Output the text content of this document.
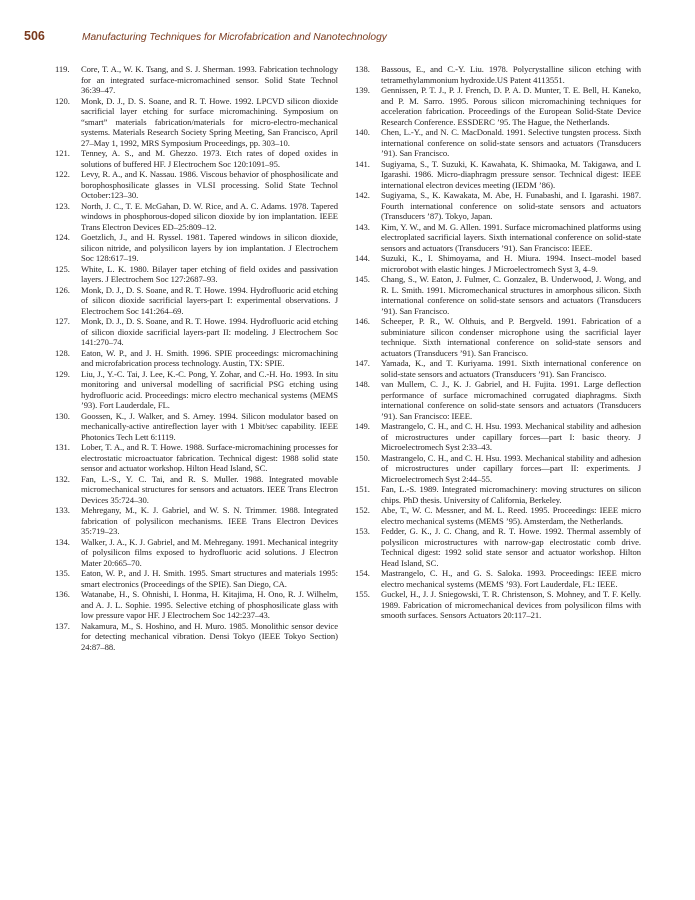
506	Manufacturing Techniques for Microfabrication and Nanotechnology
119. Core, T. A., W. K. Tsang, and S. J. Sherman. 1993. Fabrication technology for an integrated surface-micromachined sensor. Solid State Technol 36:39–47.
120. Monk, D. J., D. S. Soane, and R. T. Howe. 1992. LPCVD silicon dioxide sacrificial layer etching for surface micromachining. Symposium on “smart” materials fabrication/materials for micro-electro-mechanical systems. Materials Research Society Spring Meeting, San Francisco, April 27–May 1, 1992, MRS Symposium Proceedings, pp. 303–10.
121. Tenney, A. S., and M. Ghezzo. 1973. Etch rates of doped oxides in solutions of buffered HF. J Electrochem Soc 120:1091–95.
122. Levy, R. A., and K. Nassau. 1986. Viscous behavior of phosphosilicate and borophosphosilicate glasses in VLSI processing. Solid State Technol October:123–30.
123. North, J. C., T. E. McGahan, D. W. Rice, and A. C. Adams. 1978. Tapered windows in phosphorous-doped silicon dioxide by ion implantation. IEEE Trans Electron Devices ED–25:809–12.
124. Goetzlich, J., and H. Ryssel. 1981. Tapered windows in silicon dioxide, silicon nitride, and polysilicon layers by ion implantation. J Electrochem Soc 128:617–19.
125. White, L. K. 1980. Bilayer taper etching of field oxides and passivation layers. J Electrochem Soc 127:2687–93.
126. Monk, D. J., D. S. Soane, and R. T. Howe. 1994. Hydrofluoric acid etching of silicon dioxide sacrificial layers-part I: experimental observations. J Electrochem Soc 141:264–69.
127. Monk, D. J., D. S. Soane, and R. T. Howe. 1994. Hydrofluoric acid etching of silicon dioxide sacrificial layers-part II: modeling. J Electrochem Soc 141:270–74.
128. Eaton, W. P., and J. H. Smith. 1996. SPIE proceedings: micromachining and microfabrication process technology. Austin, TX: SPIE.
129. Liu, J., Y.-C. Tai, J. Lee, K.-C. Pong, Y. Zohar, and C.-H. Ho. 1993. In situ monitoring and universal modelling of sacrificial PSG etching using hydrofluoric acid. Proceedings: micro electro mechanical systems (MEMS ’93). Fort Lauderdale, FL.
130. Goossen, K., J. Walker, and S. Arney. 1994. Silicon modulator based on mechanically-active antireflection layer with 1 Mbit/sec capability. IEEE Photonics Tech Lett 6:1119.
131. Lober, T. A., and R. T. Howe. 1988. Surface-micromachining processes for electrostatic microactuator fabrication. Technical digest: 1988 solid state sensor and actuator workshop. Hilton Head Island, SC.
132. Fan, L.-S., Y. C. Tai, and R. S. Muller. 1988. Integrated movable micromechanical structures for sensors and actuators. IEEE Trans Electron Devices 35:724–30.
133. Mehregany, M., K. J. Gabriel, and W. S. N. Trimmer. 1988. Integrated fabrication of polysilicon mechanisms. IEEE Trans Electron Devices 35:719–23.
134. Walker, J. A., K. J. Gabriel, and M. Mehregany. 1991. Mechanical integrity of polysilicon films exposed to hydrofluoric acid solutions. J Electron Mater 20:665–70.
135. Eaton, W. P., and J. H. Smith. 1995. Smart structures and materials 1995: smart electronics (Proceedings of the SPIE). San Diego, CA.
136. Watanabe, H., S. Ohnishi, I. Honma, H. Kitajima, H. Ono, R. J. Wilhelm, and A. J. L. Sophie. 1995. Selective etching of phosphosilicate glass with low pressure vapor HF. J Electrochem Soc 142:237–43.
137. Nakamura, M., S. Hoshino, and H. Muro. 1985. Monolithic sensor device for detecting mechanical vibration. Densi Tokyo (IEEE Tokyo Section) 24:87–88.
138. Bassous, E., and C.-Y. Liu. 1978. Polycrystalline silicon etching with tetramethylammonium hydroxide.US Patent 4113551.
139. Gennissen, P. T. J., P. J. French, D. P. A. D. Munter, T. E. Bell, H. Kaneko, and P. M. Sarro. 1995. Porous silicon micromachining techniques for acceleration fabrication. Proceedings of the European Solid-State Device Research Conference. ESSDERC ’95. The Hague, the Netherlands.
140. Chen, L.-Y., and N. C. MacDonald. 1991. Selective tungsten process. Sixth international conference on solid-state sensors and actuators (Transducers ’91). San Francisco.
141. Sugiyama, S., T. Suzuki, K. Kawahata, K. Shimaoka, M. Takigawa, and I. Igarashi. 1986. Micro-diaphragm pressure sensor. Technical digest: IEEE international electron devices meeting (IEDM ’86).
142. Sugiyama, S., K. Kawakata, M. Abe, H. Funabashi, and I. Igarashi. 1987. Fourth international conference on solid-state sensors and actuators (Transducers ’87). Tokyo, Japan.
143. Kim, Y. W., and M. G. Allen. 1991. Surface micromachined platforms using electroplated sacrificial layers. Sixth international conference on solid-state sensors and actuators (Transducers ’91). San Francisco: IEEE.
144. Suzuki, K., I. Shimoyama, and H. Miura. 1994. Insect–model based microrobot with elastic hinges. J Microelectromech Syst 3, 4–9.
145. Chang, S., W. Eaton, J. Fulmer, C. Gonzalez, B. Underwood, J. Wong, and R. L. Smith. 1991. Micromechanical structures in amorphous silicon. Sixth international conference on solid-state sensors and actuators (Transducers ’91). San Francisco.
146. Scheeper, P. R., W. Olthuis, and P. Bergveld. 1991. Fabrication of a subminiature silicon condenser microphone using the sacrificial layer technique. Sixth international conference on solid-state sensors and actuators (Transducers ’91). San Francisco.
147. Yamada, K., and T. Kuriyama. 1991. Sixth international conference on solid-state sensors and actuators (Transducers ’91). San Francisco.
148. van Mullem, C. J., K. J. Gabriel, and H. Fujita. 1991. Large deflection performance of surface micromachined corrugated diaphragms. Sixth international conference on solid-state sensors and actuators (Transducers ’91). San Francisco: IEEE.
149. Mastrangelo, C. H., and C. H. Hsu. 1993. Mechanical stability and adhesion of microstructures under capillary forces—part I: basic theory. J Microelectromech Syst 2:33–43.
150. Mastrangelo, C. H., and C. H. Hsu. 1993. Mechanical stability and adhesion of microstructures under capillary forces—part II: experiments. J Microelectromech Syst 2:44–55.
151. Fan, L.-S. 1989. Integrated micromachinery: moving structures on silicon chips. PhD thesis. University of California, Berkeley.
152. Abe, T., W. C. Messner, and M. L. Reed. 1995. Proceedings: IEEE micro electro mechanical systems (MEMS ’95). Amsterdam, the Netherlands.
153. Fedder, G. K., J. C. Chang, and R. T. Howe. 1992. Thermal assembly of polysilicon microstructures with narrow-gap electrostatic comb drive. Technical digest: 1992 solid state sensor and actuator workshop. Hilton Head Island, SC.
154. Mastrangelo, C. H., and G. S. Saloka. 1993. Proceedings: IEEE micro electro mechanical systems (MEMS ’93). Fort Lauderdale, FL: IEEE.
155. Guckel, H., J. J. Sniegowski, T. R. Christenson, S. Mohney, and T. F. Kelly. 1989. Fabrication of micromechanical devices from polysilicon films with smooth surfaces. Sensors Actuators 20:117–21.
